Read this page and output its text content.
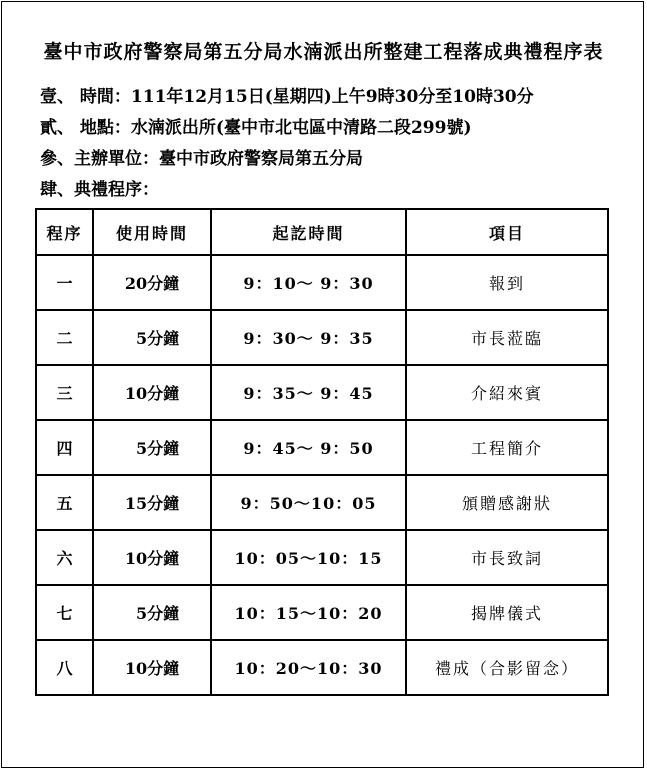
臺中市政府警察局第五分局水湳派出所整建工程落成典禮程序表
壹、 時間：111年12月15日(星期四)上午9時30分至10時30分
貳、 地點：水湳派出所(臺中市北屯區中清路二段299號)
參、主辦單位：臺中市政府警察局第五分局
肆、典禮程序：
程序	使用時間	起訖時間	項目
一	20分鐘	9：10～ 9：30	報到
二	5分鐘	9：30～ 9：35	市長蒞臨
三	10分鐘	9：35～ 9：45	介紹來賓
四	5分鐘	9：45～ 9：50	工程簡介
五	15分鐘	9：50～10：05	頒贈感謝狀
六	10分鐘	10：05～10：15	市長致詞
七	5分鐘	10：15～10：20	揭牌儀式
八	10分鐘	10：20～10：30	禮成（合影留念）
